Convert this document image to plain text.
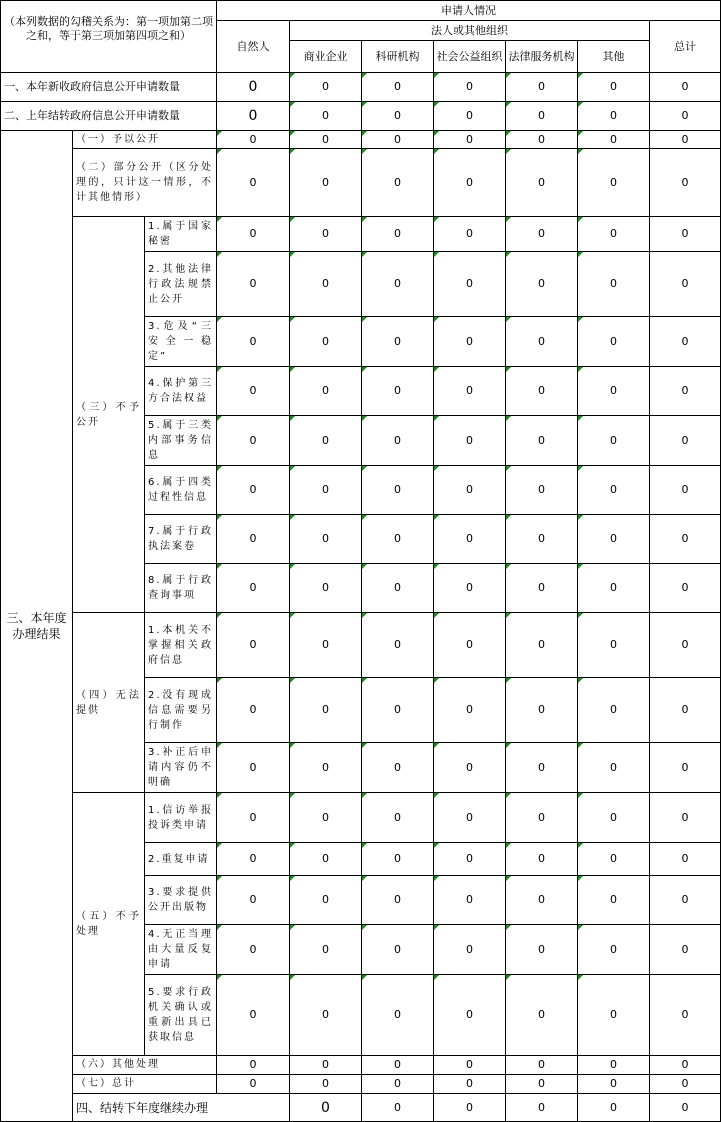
（本列数据的勾稽关系为：第一项加第二项之和，等于第三项加第四项之和）			申请人情况							
			自然人	法人或其他组织					总计	
				商业企业	科研机构	社会公益组织	法律服务机构	其他		
一、本年新收政府信息公开申请数量			0	0	0	0	0	0	0	
二、上年结转政府信息公开申请数量			0	0	0	0	0	0	0	
三、本年度办理结果	（一）予以公开		0	0	0	0	0	0	0	
	（二）部分公开（区分处理的，只计这一情形，不计其他情形）		0	0	0	0	0	0	0	
	（三）不予公开	1.属于国家秘密	0	0	0	0	0	0	0	
		2.其他法律行政法规禁止公开	0	0	0	0	0	0	0	
		3.危及“三安全一稳定”	0	0	0	0	0	0	0	
		4.保护第三方合法权益	0	0	0	0	0	0	0	
		5.属于三类内部事务信息	0	0	0	0	0	0	0	
		6.属于四类过程性信息	0	0	0	0	0	0	0	
		7.属于行政执法案卷	0	0	0	0	0	0	0	
		8.属于行政查询事项	0	0	0	0	0	0	0	
	（四）无法提供	1.本机关不掌握相关政府信息	0	0	0	0	0	0	0	
		2.没有现成信息需要另行制作	0	0	0	0	0	0	0	
		3.补正后申请内容仍不明确	0	0	0	0	0	0	0	
	（五）不予处理	1.信访举报投诉类申请	0	0	0	0	0	0	0	
		2.重复申请	0	0	0	0	0	0	0	
		3.要求提供公开出版物	0	0	0	0	0	0	0	
		4.无正当理由大量反复申请	0	0	0	0	0	0	0	
		5.要求行政机关确认或重新出具已获取信息	0	0	0	0	0	0	0	
	（六）其他处理		0	0	0	0	0	0	0	
	（七）总计		0	0	0	0	0	0	0	
	四、结转下年度继续办理			0	0	0	0	0	0	
